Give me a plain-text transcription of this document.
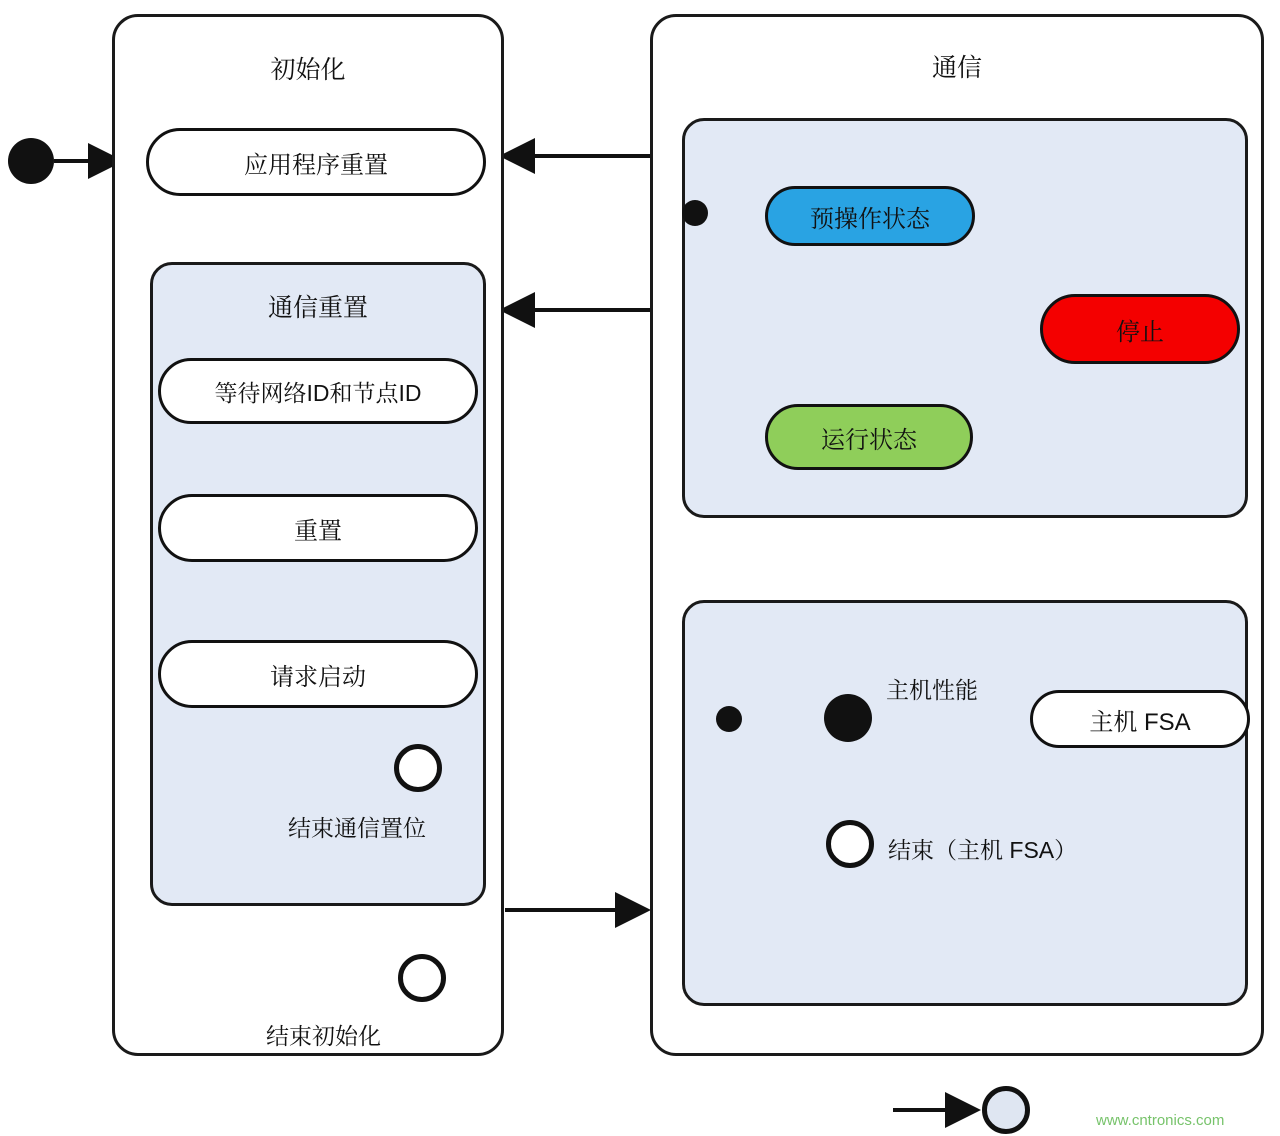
初始化
应用程序重置
通信重置
等待网络ID和节点ID
重置
请求启动
结束通信置位
结束初始化
通信
预操作状态
停止
运行状态
主机性能
主机 FSA
结束（主机 FSA）
www.cntronics.com
